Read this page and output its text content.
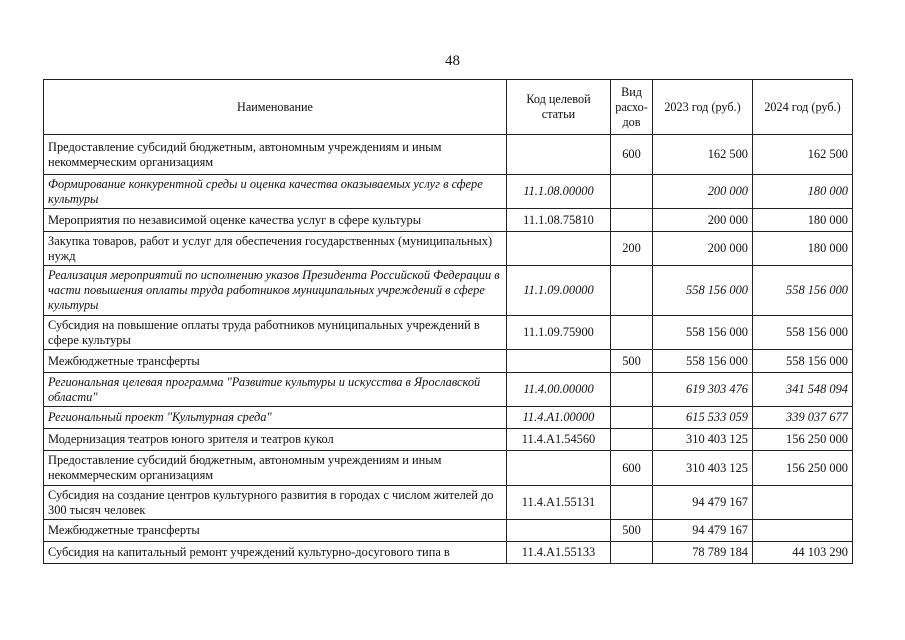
48
Наименование	Код целевой статьи	Вид расхо-дов	2023 год (руб.)	2024 год (руб.)
Предоставление субсидий бюджетным, автономным учреждениям и иным некоммерческим организациям		600	162 500	162 500
Формирование конкурентной среды и оценка качества оказываемых услуг в сфере культуры	11.1.08.00000		200 000	180 000
Мероприятия по независимой оценке качества услуг в сфере культуры	11.1.08.75810		200 000	180 000
Закупка товаров, работ и услуг для обеспечения государственных (муниципальных) нужд		200	200 000	180 000
Реализация мероприятий по исполнению указов Президента Российской Федерации в части повышения оплаты труда работников муниципальных учреждений в сфере культуры	11.1.09.00000		558 156 000	558 156 000
Субсидия на повышение оплаты труда работников муниципальных учреждений в сфере культуры	11.1.09.75900		558 156 000	558 156 000
Межбюджетные трансферты		500	558 156 000	558 156 000
Региональная целевая программа "Развитие культуры и искусства в Ярославской области"	11.4.00.00000		619 303 476	341 548 094
Региональный проект "Культурная среда"	11.4.A1.00000		615 533 059	339 037 677
Модернизация театров юного зрителя и театров кукол	11.4.A1.54560		310 403 125	156 250 000
Предоставление субсидий бюджетным, автономным учреждениям и иным некоммерческим организациям		600	310 403 125	156 250 000
Субсидия на создание центров культурного развития в городах с числом жителей до 300 тысяч человек	11.4.A1.55131		94 479 167	
Межбюджетные трансферты		500	94 479 167	
Субсидия на капитальный ремонт учреждений культурно-досугового типа в	11.4.A1.55133		78 789 184	44 103 290
